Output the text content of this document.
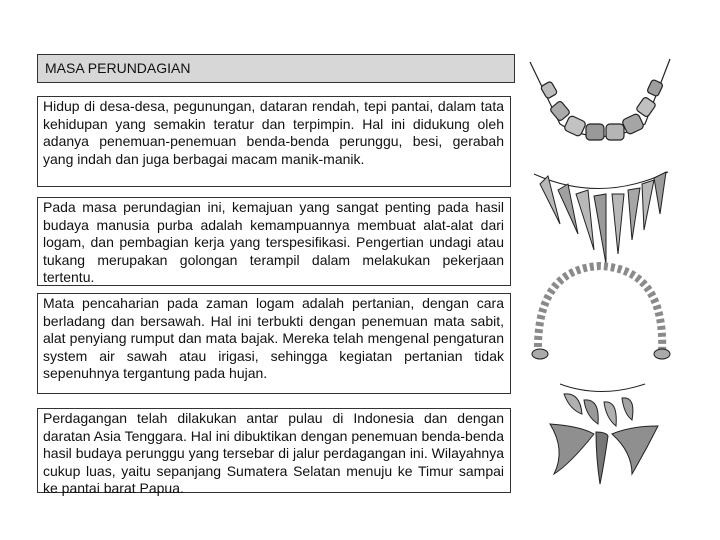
MASA PERUNDAGIAN
Hidup di desa-desa, pegunungan, dataran rendah, tepi pantai, dalam tata kehidupan yang semakin teratur dan terpimpin. Hal ini didukung oleh adanya penemuan-penemuan benda-benda perunggu, besi, gerabah yang indah dan juga berbagai macam manik-manik.
Pada masa perundagian ini, kemajuan yang sangat penting pada hasil budaya manusia purba adalah kemampuannya membuat alat-alat dari logam, dan pembagian kerja yang terspesifikasi. Pengertian undagi atau tukang merupakan golongan terampil dalam melakukan pekerjaan tertentu.
Mata pencaharian pada zaman logam adalah pertanian, dengan cara berladang dan bersawah. Hal ini terbukti dengan penemuan mata sabit, alat penyiang rumput dan mata bajak. Mereka telah mengenal pengaturan system air sawah atau irigasi, sehingga kegiatan pertanian tidak sepenuhnya tergantung pada hujan.
Perdagangan telah dilakukan antar pulau di Indonesia dan dengan daratan Asia Tenggara. Hal ini dibuktikan dengan penemuan benda-benda hasil budaya perunggu yang tersebar di jalur perdagangan ini. Wilayahnya cukup luas, yaitu sepanjang Sumatera Selatan menuju ke Timur sampai ke pantai barat Papua.
